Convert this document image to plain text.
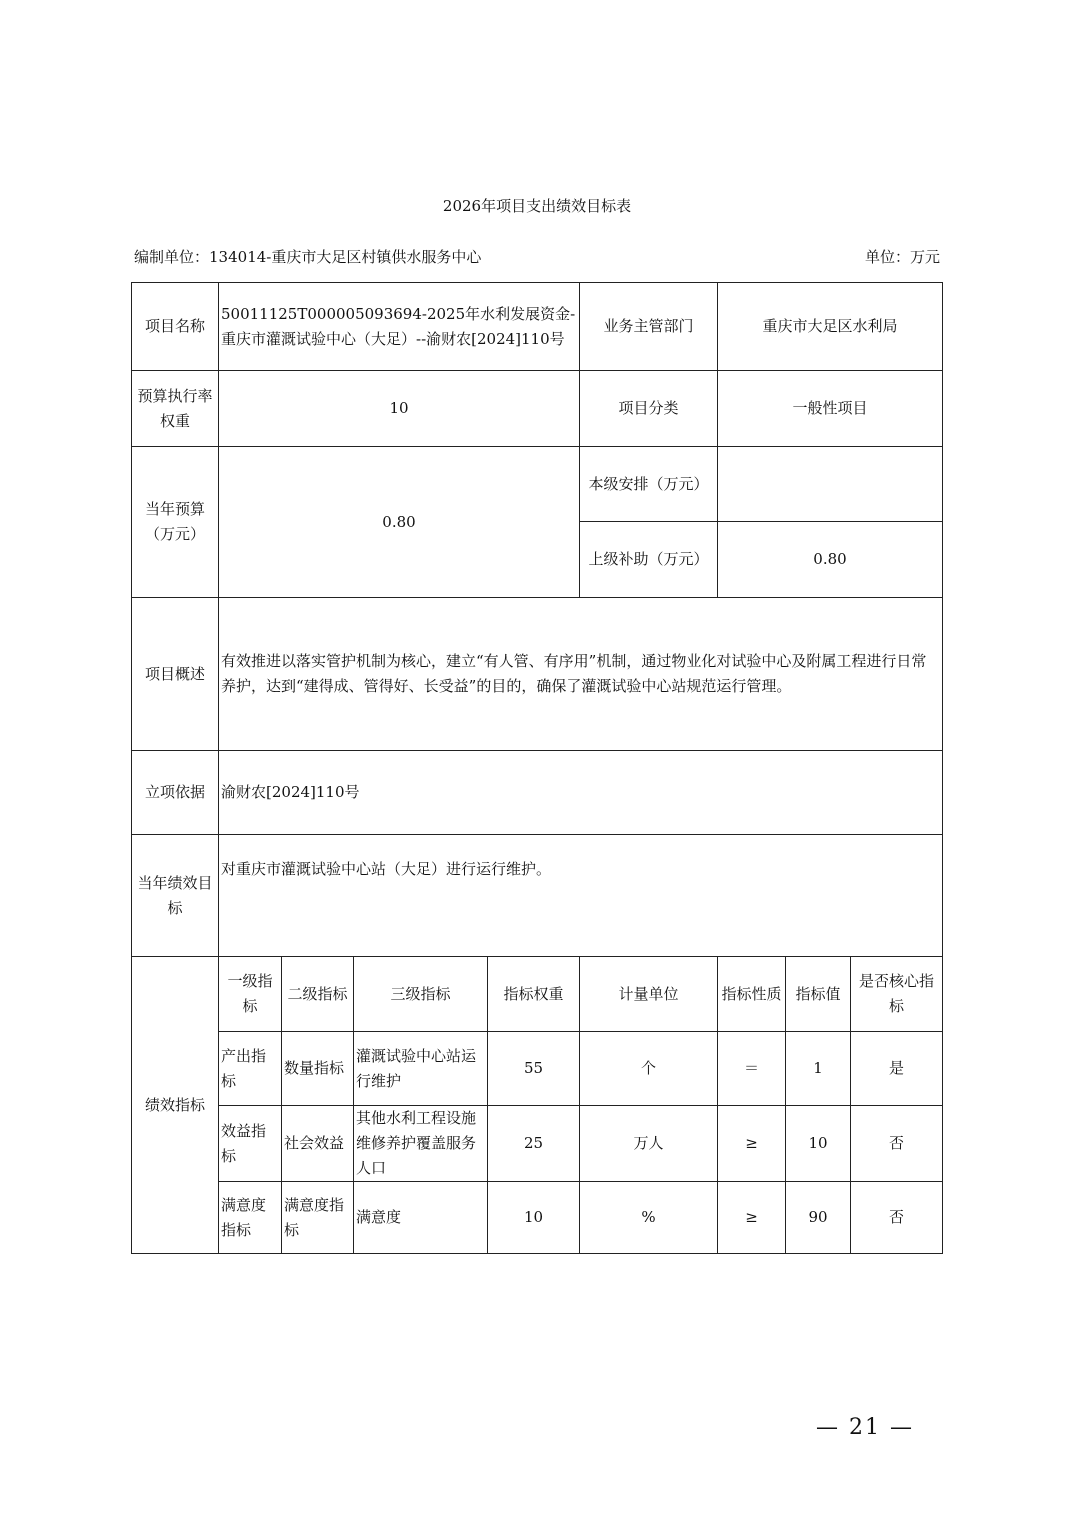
2026年项目支出绩效目标表
编制单位：134014-重庆市大足区村镇供水服务中心	单位：万元
项目名称	50011125T000005093694-2025年水利发展资金-重庆市灌溉试验中心（大足）--渝财农[2024]110号				业务主管部门	重庆市大足区水利局		
预算执行率权重	10				项目分类	一般性项目		
当年预算（万元）	0.80				本级安排（万元）			
					上级补助（万元）	0.80		
项目概述	有效推进以落实管护机制为核心，建立“有人管、有序用”机制，通过物业化对试验中心及附属工程进行日常养护，达到“建得成、管得好、长受益”的目的，确保了灌溉试验中心站规范运行管理。							
立项依据	渝财农[2024]110号							
当年绩效目标	对重庆市灌溉试验中心站（大足）进行运行维护。							
绩效指标	一级指标	二级指标	三级指标	指标权重	计量单位	指标性质	指标值	是否核心指标
	产出指标	数量指标	灌溉试验中心站运行维护	55	个	＝	1	是
	效益指标	社会效益	其他水利工程设施维修养护覆盖服务人口	25	万人	≥	10	否
	满意度指标	满意度指标	满意度	10	%	≥	90	否
— 21 —
